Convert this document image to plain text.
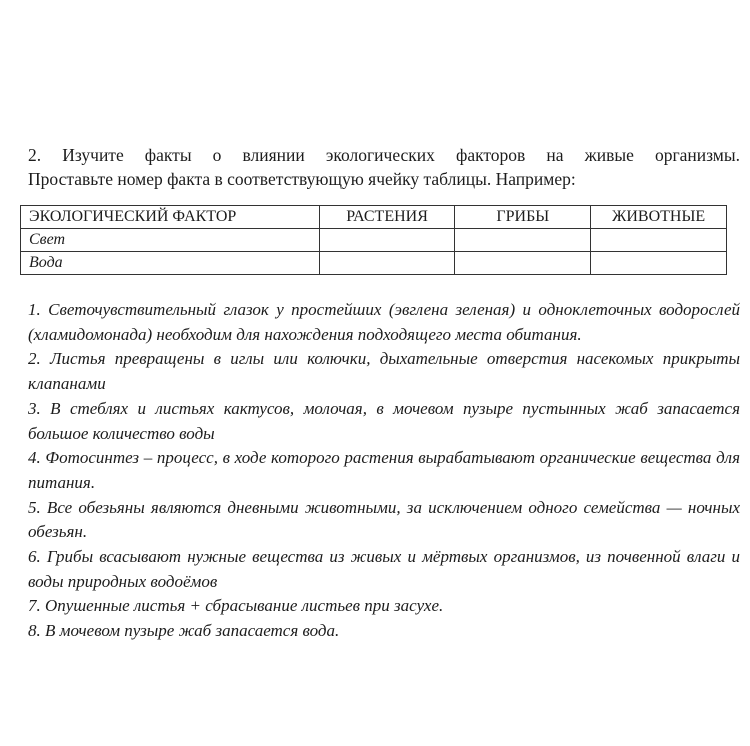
2. Изучите факты о влиянии экологических факторов на живые организмы.
Проставьте номер факта в соответствующую ячейку таблицы. Например:
ЭКОЛОГИЧЕСКИЙ ФАКТОР	РАСТЕНИЯ	ГРИБЫ	ЖИВОТНЫЕ
Свет			
Вода			

1. Светочувствительный глазок у простейших (эвглена зеленая) и одноклеточных водорослей (хламидомонада) необходим для нахождения подходящего места обитания.

2. Листья превращены в иглы или колючки, дыхательные отверстия насекомых прикрыты клапанами

3. В стеблях и листьях кактусов, молочая, в мочевом пузыре пустынных жаб запасается большое количество воды

4. Фотосинтез – процесс, в ходе которого растения вырабатывают органические вещества для питания.

5. Все обезьяны являются дневными животными, за исключением одного семейства — ночных обезьян.

6. Грибы всасывают нужные вещества из живых и мёртвых организмов, из почвенной влаги и воды природных водоёмов

7. Опушенные листья + сбрасывание листьев при засухе.

8. В мочевом пузыре жаб запасается вода.
